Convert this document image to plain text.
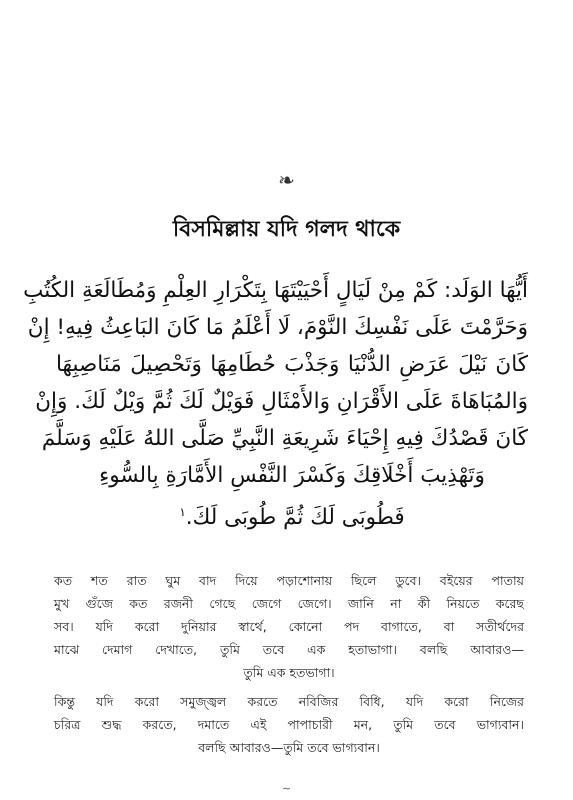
❧
বিসমিল্লায় যদি গলদ থাকে
أَيُّهَا الوَلَد: كَمْ مِنْ لَيَالٍ أَحْيَيْتَهَا بِتَكْرَارِ العِلْمِ وَمُطَالَعَةِ الكُتُبِ
وَحَرَّمْتَ عَلَى نَفْسِكَ النَّوْمَ، لَا أَعْلَمُ مَا كَانَ البَاعِثُ فِيهِ! إِنْ
كَانَ نَيْلَ عَرَضِ الدُّنْيَا وَجَذْبَ حُطَامِهَا وَتَحْصِيلَ مَنَاصِبِهَا
وَالمُبَاهَاةَ عَلَى الأَقْرَانِ وَالأَمْثَالِ فَوَيْلٌ لَكَ ثُمَّ وَيْلٌ لَكَ. وَإِنْ
كَانَ قَصْدُكَ فِيهِ إِحْيَاءَ شَرِيعَةِ النَّبِيِّ صَلَّى اللهُ عَلَيْهِ وَسَلَّمَ
وَتَهْذِيبَ أَخْلَاقِكَ وَكَسْرَ النَّفْسِ الأَمَّارَةِ بِالسُّوءِ
فَطُوبَى لَكَ ثُمَّ طُوبَى لَكَ.$^١$
কত শত রাত ঘুম বাদ দিয়ে পড়াশোনায় ছিলে ডুবে। বইয়ের পাতায়
মুখ গুঁজে কত রজনী গেছে জেগে জেগে। জানি না কী নিয়তে করেছ
সব। যদি করো দুনিয়ার স্বার্থে, কোনো পদ বাগাতে, বা সতীর্থদের
মাঝে দেমাগ দেখাতে, তুমি তবে এক হতাভাগা। বলছি আবারও—
তুমি এক হতভাগা।
কিন্তু যদি করো সমুজ্জ্বল করতে নবিজির বিধি, যদি করো নিজের
চরিত্র শুদ্ধ করতে, দমাতে এই পাপাচারী মন, তুমি তবে ভাগ্যবান।
বলছি আবারও—তুমি তবে ভাগ্যবান।
∼
